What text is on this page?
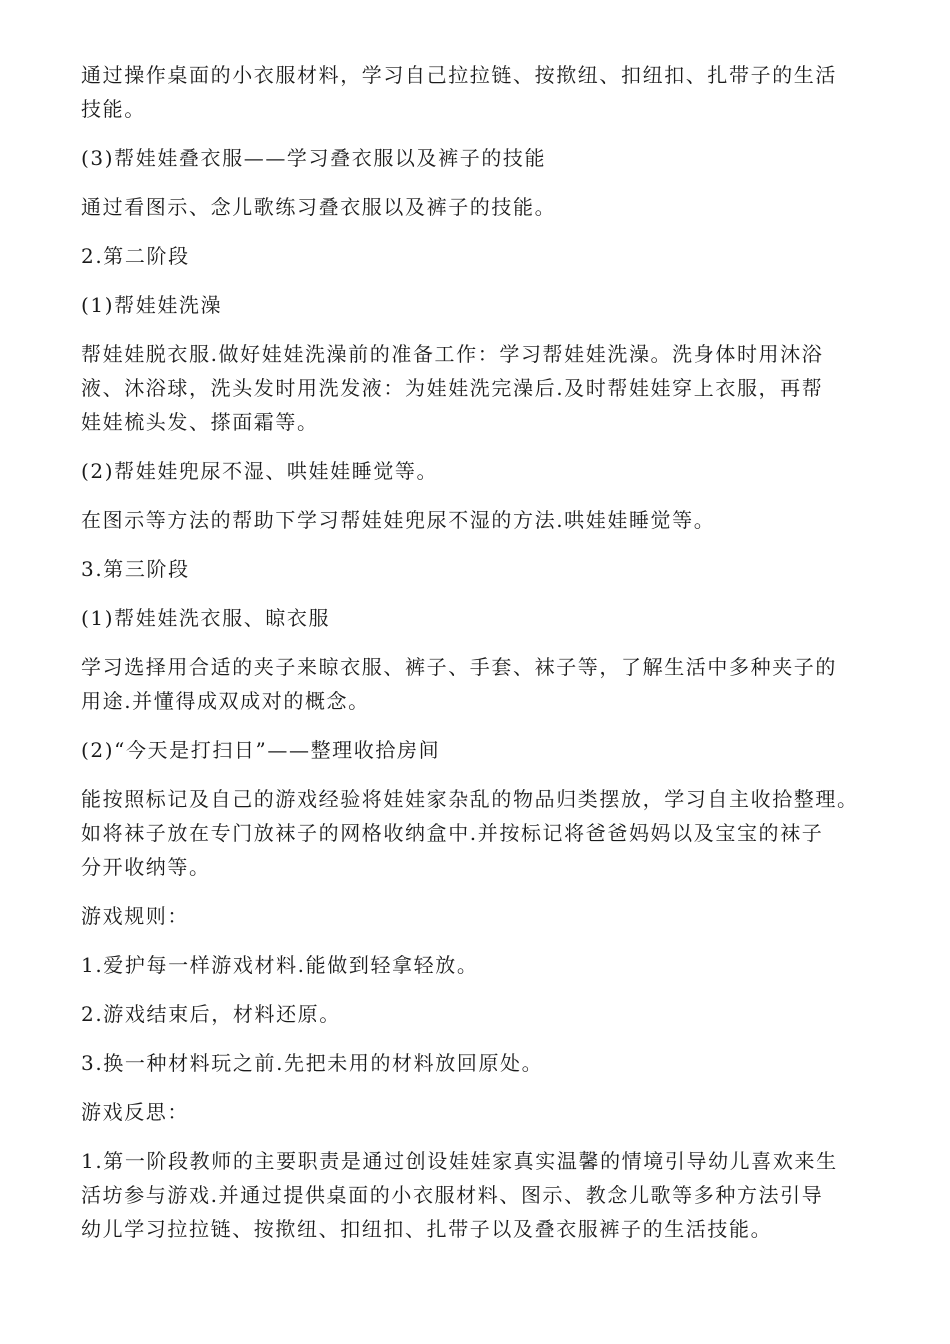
通过操作桌面的小衣服材料，学习自己拉拉链、按揿纽、扣纽扣、扎带子的生活
技能。

(3)帮娃娃叠衣服——学习叠衣服以及裤子的技能

通过看图示、念儿歌练习叠衣服以及裤子的技能。

2.第二阶段

(1)帮娃娃洗澡

帮娃娃脱衣服.做好娃娃洗澡前的准备工作：学习帮娃娃洗澡。洗身体时用沐浴
液、沐浴球，洗头发时用洗发液：为娃娃洗完澡后.及时帮娃娃穿上衣服，再帮
娃娃梳头发、搽面霜等。

(2)帮娃娃兜尿不湿、哄娃娃睡觉等。

在图示等方法的帮助下学习帮娃娃兜尿不湿的方法.哄娃娃睡觉等。

3.第三阶段

(1)帮娃娃洗衣服、晾衣服

学习选择用合适的夹子来晾衣服、裤子、手套、袜子等，了解生活中多种夹子的
用途.并懂得成双成对的概念。

(2)“今天是打扫日”——整理收拾房间

能按照标记及自己的游戏经验将娃娃家杂乱的物品归类摆放，学习自主收拾整理。
如将袜子放在专门放袜子的网格收纳盒中.并按标记将爸爸妈妈以及宝宝的袜子
分开收纳等。

游戏规则：

1.爱护每一样游戏材料.能做到轻拿轻放。

2.游戏结束后，材料还原。

3.换一种材料玩之前.先把未用的材料放回原处。

游戏反思：

1.第一阶段教师的主要职责是通过创设娃娃家真实温馨的情境引导幼儿喜欢来生
活坊参与游戏.并通过提供桌面的小衣服材料、图示、教念儿歌等多种方法引导
幼儿学习拉拉链、按揿纽、扣纽扣、扎带子以及叠衣服裤子的生活技能。
